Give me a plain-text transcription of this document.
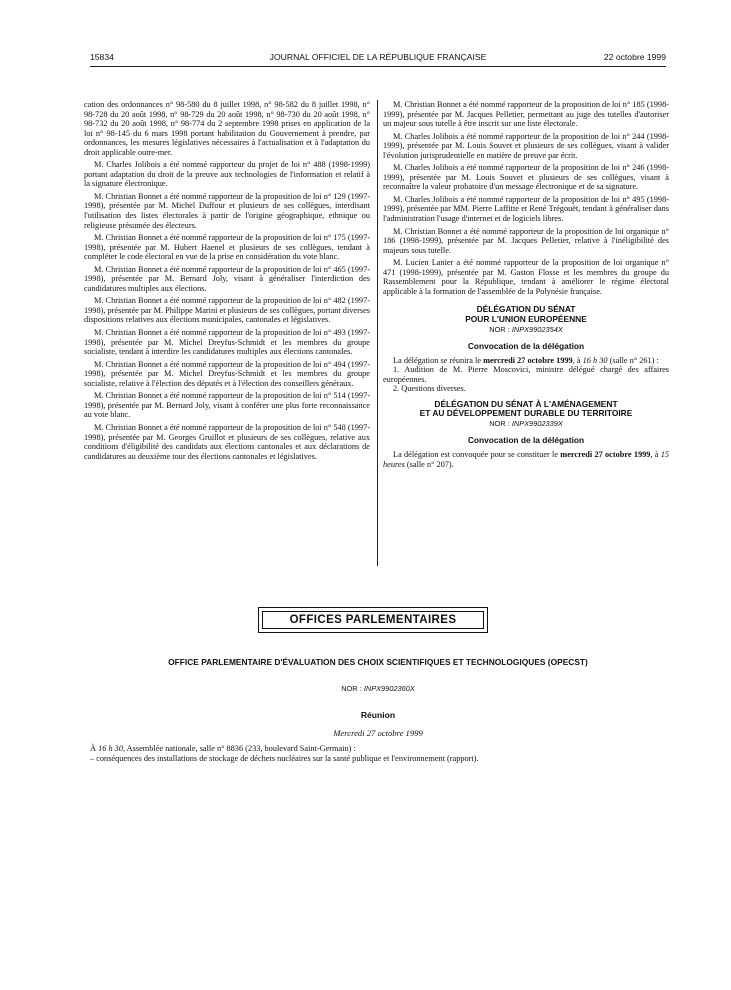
15834	JOURNAL OFFICIEL DE LA RÉPUBLIQUE FRANÇAISE	22 octobre 1999

cation des ordonnances n° 98-580 du 8 juillet 1998, n° 98-582 du 8 juillet 1998, n° 98-728 du 20 août 1998, n° 98-729 du 20 août 1998, n° 98-730 du 20 août 1998, n° 98-732 du 20 août 1998, n° 98-774 du 2 septembre 1998 prises en application de la loi n° 98-145 du 6 mars 1998 portant habilitation du Gouvernement à prendre, par ordonnances, les mesures législatives nécessaires à l'actualisation et à l'adaptation du droit applicable outre-mer.

M. Charles Jolibois a été nommé rapporteur du projet de loi n° 488 (1998-1999) portant adaptation du droit de la preuve aux technologies de l'information et relatif à la signature électronique.

M. Christian Bonnet a été nommé rapporteur de la proposition de loi n° 129 (1997-1998), présentée par M. Michel Duffour et plusieurs de ses collègues, interdisant l'utilisation des listes électorales à partir de l'origine géographique, ethnique ou religieuse présumée des électeurs.

M. Christian Bonnet a été nommé rapporteur de la proposition de loi n° 175 (1997-1998), présentée par M. Hubert Haenel et plusieurs de ses collègues, tendant à compléter le code électoral en vue de la prise en considération du vote blanc.

M. Christian Bonnet a été nommé rapporteur de la proposition de loi n° 465 (1997-1998), présentée par M. Bernard Joly, visant à généraliser l'interdiction des candidatures multiples aux élections.

M. Christian Bonnet a été nommé rapporteur de la proposition de loi n° 482 (1997-1998), présentée par M. Philippe Marini et plusieurs de ses collègues, portant diverses dispositions relatives aux élections municipales, cantonales et législatives.

M. Christian Bonnet a été nommé rapporteur de la proposition de loi n° 493 (1997-1998), présentée par M. Michel Dreyfus-Schmidt et les membres du groupe socialiste, tendant à interdire les candidatures multiples aux élections cantonales.

M. Christian Bonnet a été nommé rapporteur de la proposition de loi n° 494 (1997-1998), présentée par M. Michel Dreyfus-Schmidt et les membres du groupe socialiste, relative à l'élection des députés et à l'élection des conseillers généraux.

M. Christian Bonnet a été nommé rapporteur de la proposition de loi n° 514 (1997-1998), présentée par M. Bernard Joly, visant à conférer une plus forte reconnaissance au vote blanc.

M. Christian Bonnet a été nommé rapporteur de la proposition de loi n° 548 (1997-1998), présentée par M. Georges Gruillot et plusieurs de ses collègues, relative aux conditions d'éligibilité des candidats aux élections cantonales et aux déclarations de candidatures au deuxième tour des élections cantonales et législatives.

M. Christian Bonnet a été nommé rapporteur de la proposition de loi n° 185 (1998-1999), présentée par M. Jacques Pelletier, permettant au juge des tutelles d'autoriser un majeur sous tutelle à être inscrit sur une liste électorale.

M. Charles Jolibois a été nommé rapporteur de la proposition de loi n° 244 (1998-1999), présentée par M. Louis Souvet et plusieurs de ses collègues, visant à valider l'évolution jurisprudentielle en matière de preuve par écrit.

M. Charles Jolibois a été nommé rapporteur de la proposition de loi n° 246 (1998-1999), présentée par M. Louis Souvet et plusieurs de ses collègues, visant à reconnaître la valeur probatoire d'un message électronique et de sa signature.

M. Charles Jolibois a été nommé rapporteur de la proposition de loi n° 495 (1998-1999), présentée par MM. Pierre Laffitte et René Trégouët, tendant à généraliser dans l'administration l'usage d'internet et de logiciels libres.

M. Christian Bonnet a été nommé rapporteur de la proposition de loi organique n° 186 (1998-1999), présentée par M. Jacques Pelletier, relative à l'inéligibilité des majeurs sous tutelle.

M. Lucien Lanier a été nommé rapporteur de la proposition de loi organique n° 471 (1998-1999), présentée par M. Gaston Flosse et les membres du groupe du Rassemblement pour la République, tendant à améliorer le régime électoral applicable à la formation de l'assemblée de la Polynésie française.

DÉLÉGATION DU SÉNAT
POUR L'UNION EUROPÉENNE
NOR : INPX9902354X
Convocation de la délégation

La délégation se réunira le mercredi 27 octobre 1999, à 16 h 30 (salle n° 261) :

1. Audition de M. Pierre Moscovici, ministre délégué chargé des affaires européennes.

2. Questions diverses.

DÉLÉGATION DU SÉNAT À L'AMÉNAGEMENT
ET AU DÉVELOPPEMENT DURABLE DU TERRITOIRE
NOR : INPX9902339X
Convocation de la délégation

La délégation est convoquée pour se constituer le mercredi 27 octobre 1999, à 15 heures (salle n° 207).

OFFICES PARLEMENTAIRES
OFFICE PARLEMENTAIRE D'ÉVALUATION DES CHOIX SCIENTIFIQUES ET TECHNOLOGIQUES (OPECST)
NOR : INPX9902360X
Réunion
Mercredi 27 octobre 1999

À 16 h 30, Assemblée nationale, salle n° 8836 (233, boulevard Saint-Germain) :

– conséquences des installations de stockage de déchets nucléaires sur la santé publique et l'environnement (rapport).
